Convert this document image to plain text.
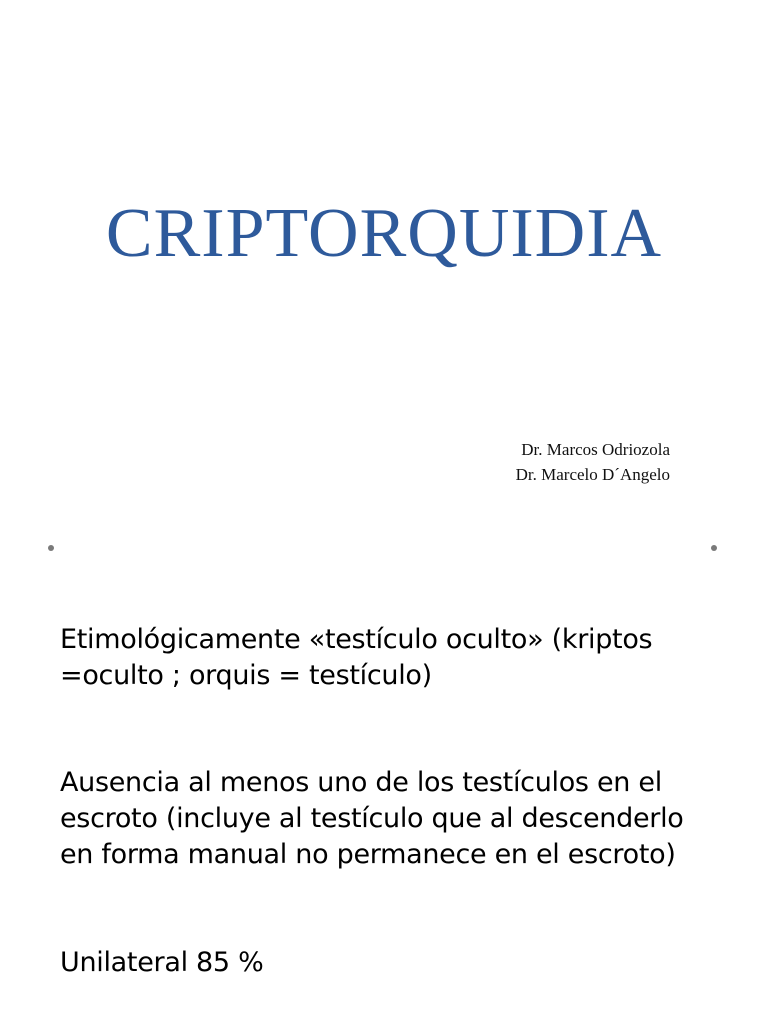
CRIPTORQUIDIA
Dr. Marcos Odriozola
Dr. Marcelo D´Angelo
Etimológicamente «testículo oculto» (kriptos =oculto ; orquis = testículo)
Ausencia al menos uno de los testículos en el escroto (incluye al testículo que al descenderlo en forma manual no permanece en el escroto)
Unilateral 85 %
